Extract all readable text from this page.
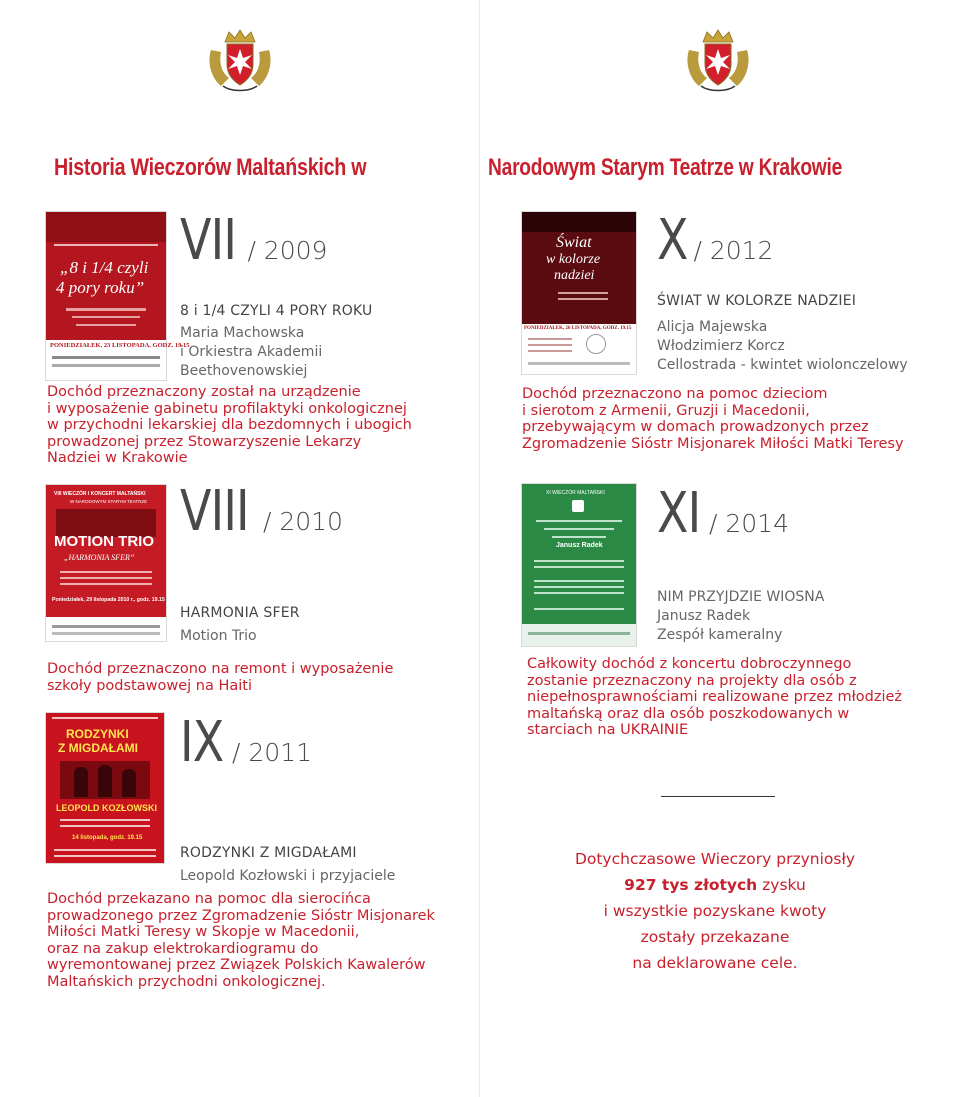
Historia Wieczorów Maltańskich w	Narodowym Starym Teatrze w Krakowie
„8 i 1/4 czyli
4 pory roku”
PONIEDZIAŁEK, 23 LISTOPADA, GODZ. 19.15
VII / 2009
8 i 1/4 CZYLI 4 PORY ROKU
Maria Machowska
i Orkiestra Akademii
Beethovenowskiej
Dochód przeznaczony został na urządzenie
i wyposażenie gabinetu profilaktyki onkologicznej
w przychodni lekarskiej dla bezdomnych i ubogich
prowadzonej przez Stowarzyszenie Lekarzy
Nadziei w Krakowie
VIII WIECZÓR I KONCERT MALTAŃSKI
W NARODOWYM STARYM TEATRZE
MOTION TRIO
„HARMONIA SFER”
Poniedziałek, 29 listopada 2010 r., godz. 19.15
VIII / 2010
HARMONIA SFER
Motion Trio
Dochód przeznaczono na remont i wyposażenie
szkoły podstawowej na Haiti
RODZYNKI
Z MIGDAŁAMI
LEOPOLD KOZŁOWSKI
14 listopada, godz. 19.15
IX / 2011
RODZYNKI Z MIGDAŁAMI
Leopold Kozłowski i przyjaciele
Dochód przekazano na pomoc dla sierocińca
prowadzonego przez Zgromadzenie Sióstr Misjonarek
Miłości Matki Teresy w Skopje w Macedonii,
oraz na zakup elektrokardiogramu do
wyremontowanej przez Związek Polskich Kawalerów
Maltańskich przychodni onkologicznej.
Świat
w kolorze
nadziei
PONIEDZIAŁEK, 26 LISTOPADA, GODZ. 19.15
X / 2012
ŚWIAT W KOLORZE NADZIEI
Alicja Majewska
Włodzimierz Korcz
Cellostrada - kwintet wiolonczelowy
Dochód przeznaczono na pomoc dzieciom
i sierotom z Armenii, Gruzji i Macedonii,
przebywającym w domach prowadzonych przez
Zgromadzenie Sióstr Misjonarek Miłości Matki Teresy
XI WIECZÓR MALTAŃSKI
Janusz Radek XI / 2014
NIM PRZYJDZIE WIOSNA
Janusz Radek
Zespół kameralny
Całkowity dochód z koncertu dobroczynnego
zostanie przeznaczony na projekty dla osób z
niepełnosprawnościami realizowane przez młodzież
maltańską oraz dla osób poszkodowanych w
starciach na UKRAINIE
Dotychczasowe Wieczory przyniosły
927 tys złotych zysku
i wszystkie pozyskane kwoty
zostały przekazane
na deklarowane cele.
